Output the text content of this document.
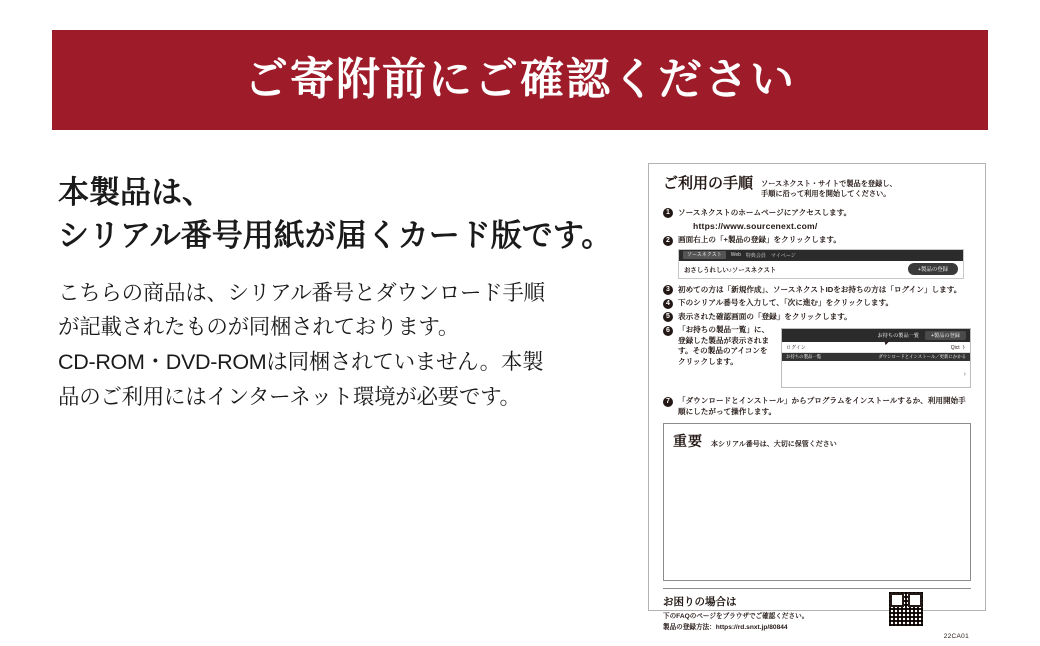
ご寄附前にご確認ください
本製品は、
シリアル番号用紙が届くカード版です。

こちらの商品は、シリアル番号とダウンロード手順

が記載されたものが同梱されております。

CD-ROM・DVD-ROMは同梱されていません。本製

品のご利用にはインターネット環境が必要です。

ご利用の手順 ソースネクスト・サイトで製品を登録し、
手順に沿って利用を開始してください。
1	ソースネクストのホームページにアクセスします。
https://www.sourcenext.com/
2	画面右上の「+製品の登録」をクリックします。
ソースネクスト	Web 特典会員 マイページ
おさしうれしい♪ソースネクスト	+製品の登録
3	初めての方は「新規作成」、ソースネクストIDをお持ちの方は「ログイン」します。
4	下のシリアル番号を入力して、「次に進む」をクリックします。
5	表示された確認画面の「登録」をクリックします。
6	「お持ちの製品一覧」に、登録した製品が表示されます。その製品のアイコンをクリックします。
お持ちの製品一覧	+製品の登録
ログイン	Qict ト
お持ちの製品一覧	ダウンロードとインストール／更新にかかる
›
7	「ダウンロードとインストール」からプログラムをインストールするか、利用開始手順にしたがって操作します。
重要 本シリアル番号は、大切に保管ください
お困りの場合は
下のFAQのページをブラウザでご確認ください。
製品の登録方法：https://rd.snxt.jp/80844
22CA01
